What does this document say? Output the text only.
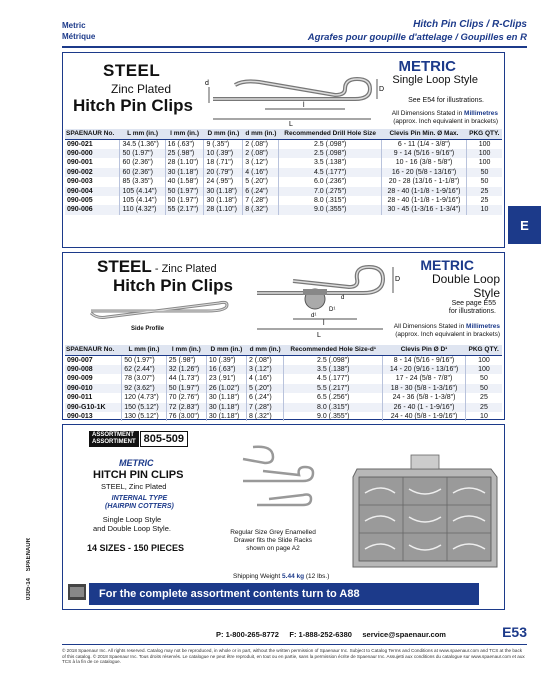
Metric
Métrique
Hitch Pin Clips / R-Clips
Agrafes pour goupille d'attelage / Goupilles en R
E
0305-14    SPAENAUR
STEEL
Zinc Plated
Hitch Pin Clips
d
D
l
L
METRIC
Single Loop Style
See E54 for illustrations.
All Dimensions Stated in Millimetres
(approx. Inch equivalent in brackets)
SPAENAUR No.	L mm (in.)	l mm (in.)	D mm (in.)	d mm (in.)	Recommended Drill Hole Size	Clevis Pin Min. Ø Max.	PKG QTY.
090-021	34.5 (1.36")	16 (.63")	9 (.35")	2 (.08")	2.5 (.098")	6 - 11 (1/4 - 3/8")	100
090-000	50 (1.97")	25 (.98")	10 (.39")	2 (.08")	2.5 (.098")	9 - 14 (5/16 - 9/16")	100
090-001	60 (2.36")	28 (1.10")	18 (.71")	3 (.12")	3.5 (.138")	10 - 16 (3/8 - 5/8")	100
090-002	60 (2.36")	30 (1.18")	20 (.79")	4 (.16")	4.5 (.177")	16 - 20 (5/8 - 13/16")	50
090-003	85 (3.35")	40 (1.58")	24 (.95")	5 (.20")	6.0 (.236")	20 - 28 (13/16 - 1-1/8")	50
090-004	105 (4.14")	50 (1.97")	30 (1.18")	6 (.24")	7.0 (.275")	28 - 40 (1-1/8 - 1-9/16")	25
090-005	105 (4.14")	50 (1.97")	30 (1.18")	7 (.28")	8.0 (.315")	28 - 40 (1-1/8 - 1-9/16")	25
090-006	110 (4.32")	55 (2.17")	28 (1.10")	8 (.32")	9.0 (.355")	30 - 45 (1-3/16 - 1-3/4")	10
STEEL - Zinc Plated
Hitch Pin Clips	D
D¹
d
d¹
l
L
Side Profile
METRIC
Double Loop
Style
See page E55
for illustrations.
All Dimensions Stated in Millimetres
(approx. Inch equivalent in brackets)
SPAENAUR No.	L mm (in.)	l mm (in.)	D mm (in.)	d mm (in.)	Recommended Hole Size-d¹	Clevis Pin Ø D¹	PKG QTY.
090-007	50 (1.97")	25 (.98")	10 (.39")	2 (.08")	2.5 (.098")	8 - 14 (5/16 - 9/16")	100
090-008	62 (2.44")	32 (1.26")	16 (.63")	3 (.12")	3.5 (.138")	14 - 20 (9/16 - 13/16")	100
090-009	78 (3.07")	44 (1.73")	23 (.91")	4 (.16")	4.5 (.177")	17 - 24 (5/8 - 7/8")	50
090-010	92 (3.62")	50 (1.97")	26 (1.02")	5 (.20")	5.5 (.217")	18 - 30 (5/8 - 1-3/16")	50
090-011	120 (4.73")	70 (2.76")	30 (1.18")	6 (.24")	6.5 (.256")	24 - 36 (5/8 - 1-3/8")	25
090-G10-1K	150 (5.12")	72 (2.83")	30 (1.18")	7 (.28")	8.0 (.315")	26 - 40 (1 - 1-9/16")	25
090-013	130 (5.12")	76 (3.00")	30 (1.18")	8 (.32")	9.0 (.355")	24 - 40 (5/8 - 1-9/16")	10
ASSORTMENT
ASSORTIMENT 805-509
METRIC
HITCH PIN CLIPS
STEEL, Zinc Plated
INTERNAL TYPE
(HAIRPIN COTTERS)
Single Loop Style
and Double Loop Style.
14 SIZES - 150 PIECES
Regular Size Grey Enamelled
Drawer fits the Slide Racks
shown on page A2
Shipping Weight 5.44 kg (12 lbs.)
For the complete assortment contents turn to A88
P: 1-800-265-8772 F: 1-888-252-6380 service@spaenaur.com	E53
© 2018 Spaenaur Inc. All rights reserved. Catalog may not be reproduced, in whole or in part, without the written permission of Spaenaur Inc. Subject to Catalog Terms and Conditions at www.spaenaur.com and TCS at the back of this catalog. © 2018 Spaenaur Inc. Tous droits réservés. Le catalogue ne peut être reproduit, en tout ou en partie, sans la permission écrite de Spaenaur Inc. Assujetti aux conditions du catalogue sur www.spaenaur.com et aux TCS à la fin de ce catalogue.
